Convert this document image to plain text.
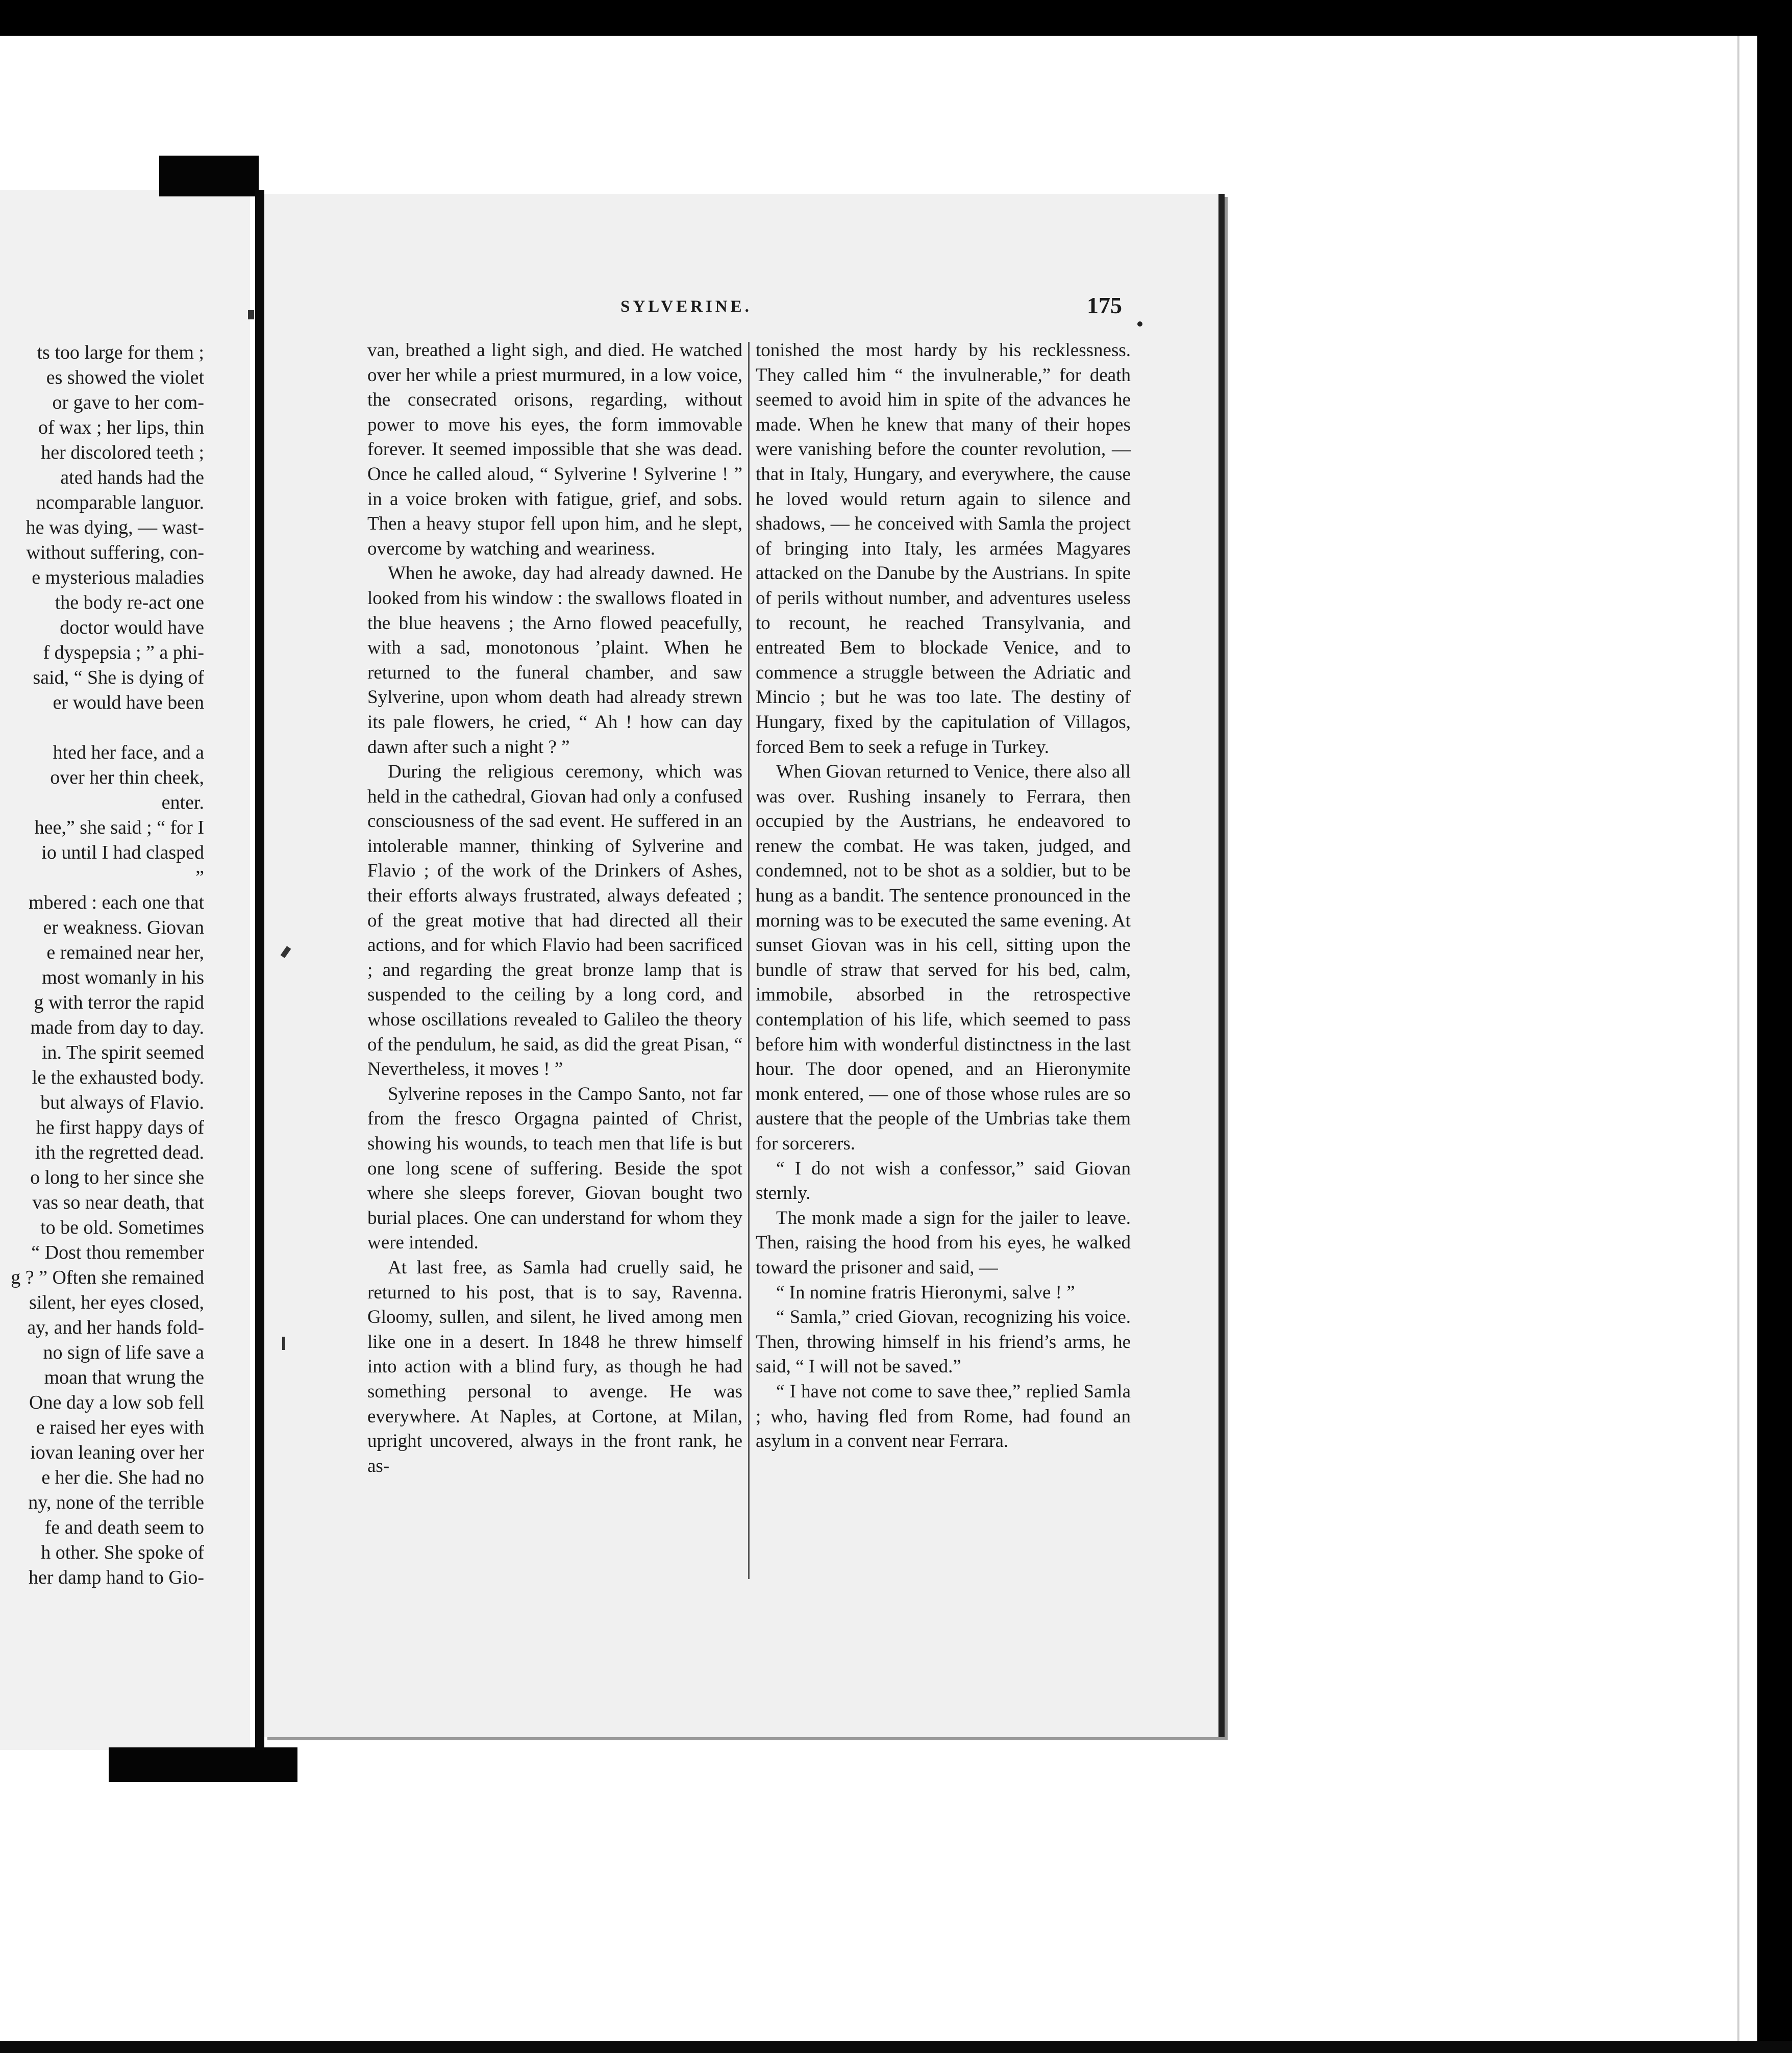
ts too large for them ;
es showed the violet
or gave to her com-
of wax ; her lips, thin
her discolored teeth ;
ated hands had the
ncomparable languor.
he was dying, — wast-
without suffering, con-
e mysterious maladies
the body re-act one
doctor would have
f dyspepsia ; ” a phi-
said, “ She is dying of
er would have been
hted her face, and a
over her thin cheek,
enter.
hee,” she said ; “ for I
io until I had clasped
”
mbered : each one that
er weakness. Giovan
e remained near her,
most womanly in his
g with terror the rapid
made from day to day.
in. The spirit seemed
le the exhausted body.
but always of Flavio.
he first happy days of
ith the regretted dead.
o long to her since she
vas so near death, that
to be old. Sometimes
“ Dost thou remember
g ? ” Often she remained
silent, her eyes closed,
ay, and her hands fold-
no sign of life save a
moan that wrung the
One day a low sob fell
e raised her eyes with
iovan leaning over her
e her die. She had no
ny, none of the terrible
fe and death seem to
h other. She spoke of
her damp hand to Gio-
SYLVERINE.	175

van, breathed a light sigh, and died. He watched over her while a priest murmured, in a low voice, the consecrated orisons, regarding, without power to move his eyes, the form immovable forever. It seemed impossible that she was dead. Once he called aloud, “ Sylverine ! Sylverine ! ” in a voice broken with fatigue, grief, and sobs. Then a heavy stupor fell upon him, and he slept, overcome by watching and weariness.

When he awoke, day had already dawned. He looked from his window : the swallows floated in the blue heavens ; the Arno flowed peacefully, with a sad, monotonous ’plaint. When he returned to the funeral chamber, and saw Sylverine, upon whom death had already strewn its pale flowers, he cried, “ Ah ! how can day dawn after such a night ? ”

During the religious ceremony, which was held in the cathedral, Giovan had only a confused consciousness of the sad event. He suffered in an intolerable manner, thinking of Sylverine and Flavio ; of the work of the Drinkers of Ashes, their efforts always frustrated, always defeated ; of the great motive that had directed all their actions, and for which Flavio had been sacrificed ; and regarding the great bronze lamp that is suspended to the ceiling by a long cord, and whose oscillations revealed to Galileo the theory of the pendulum, he said, as did the great Pisan, “ Nevertheless, it moves ! ”

Sylverine reposes in the Campo Santo, not far from the fresco Orgagna painted of Christ, showing his wounds, to teach men that life is but one long scene of suffering. Beside the spot where she sleeps forever, Giovan bought two burial places. One can understand for whom they were intended.

At last free, as Samla had cruelly said, he returned to his post, that is to say, Ravenna. Gloomy, sullen, and silent, he lived among men like one in a desert. In 1848 he threw himself into action with a blind fury, as though he had something personal to avenge. He was everywhere. At Naples, at Cortone, at Milan, upright uncovered, always in the front rank, he as-

tonished the most hardy by his recklessness. They called him “ the invulnerable,” for death seemed to avoid him in spite of the advances he made. When he knew that many of their hopes were vanishing before the counter revolution, — that in Italy, Hungary, and everywhere, the cause he loved would return again to silence and shadows, — he conceived with Samla the project of bringing into Italy, les armées Magyares attacked on the Danube by the Austrians. In spite of perils without number, and adventures useless to recount, he reached Transylvania, and entreated Bem to blockade Venice, and to commence a struggle between the Adriatic and Mincio ; but he was too late. The destiny of Hungary, fixed by the capitulation of Villagos, forced Bem to seek a refuge in Turkey.

When Giovan returned to Venice, there also all was over. Rushing insanely to Ferrara, then occupied by the Austrians, he endeavored to renew the combat. He was taken, judged, and condemned, not to be shot as a soldier, but to be hung as a bandit. The sentence pronounced in the morning was to be executed the same evening. At sunset Giovan was in his cell, sitting upon the bundle of straw that served for his bed, calm, immobile, absorbed in the retrospective contemplation of his life, which seemed to pass before him with wonderful distinctness in the last hour. The door opened, and an Hieronymite monk entered, — one of those whose rules are so austere that the people of the Umbrias take them for sorcerers.

“ I do not wish a confessor,” said Giovan sternly.

The monk made a sign for the jailer to leave. Then, raising the hood from his eyes, he walked toward the prisoner and said, —

“ In nomine fratris Hieronymi, salve ! ”

“ Samla,” cried Giovan, recognizing his voice. Then, throwing himself in his friend’s arms, he said, “ I will not be saved.”

“ I have not come to save thee,” replied Samla ; who, having fled from Rome, had found an asylum in a convent near Ferrara.
